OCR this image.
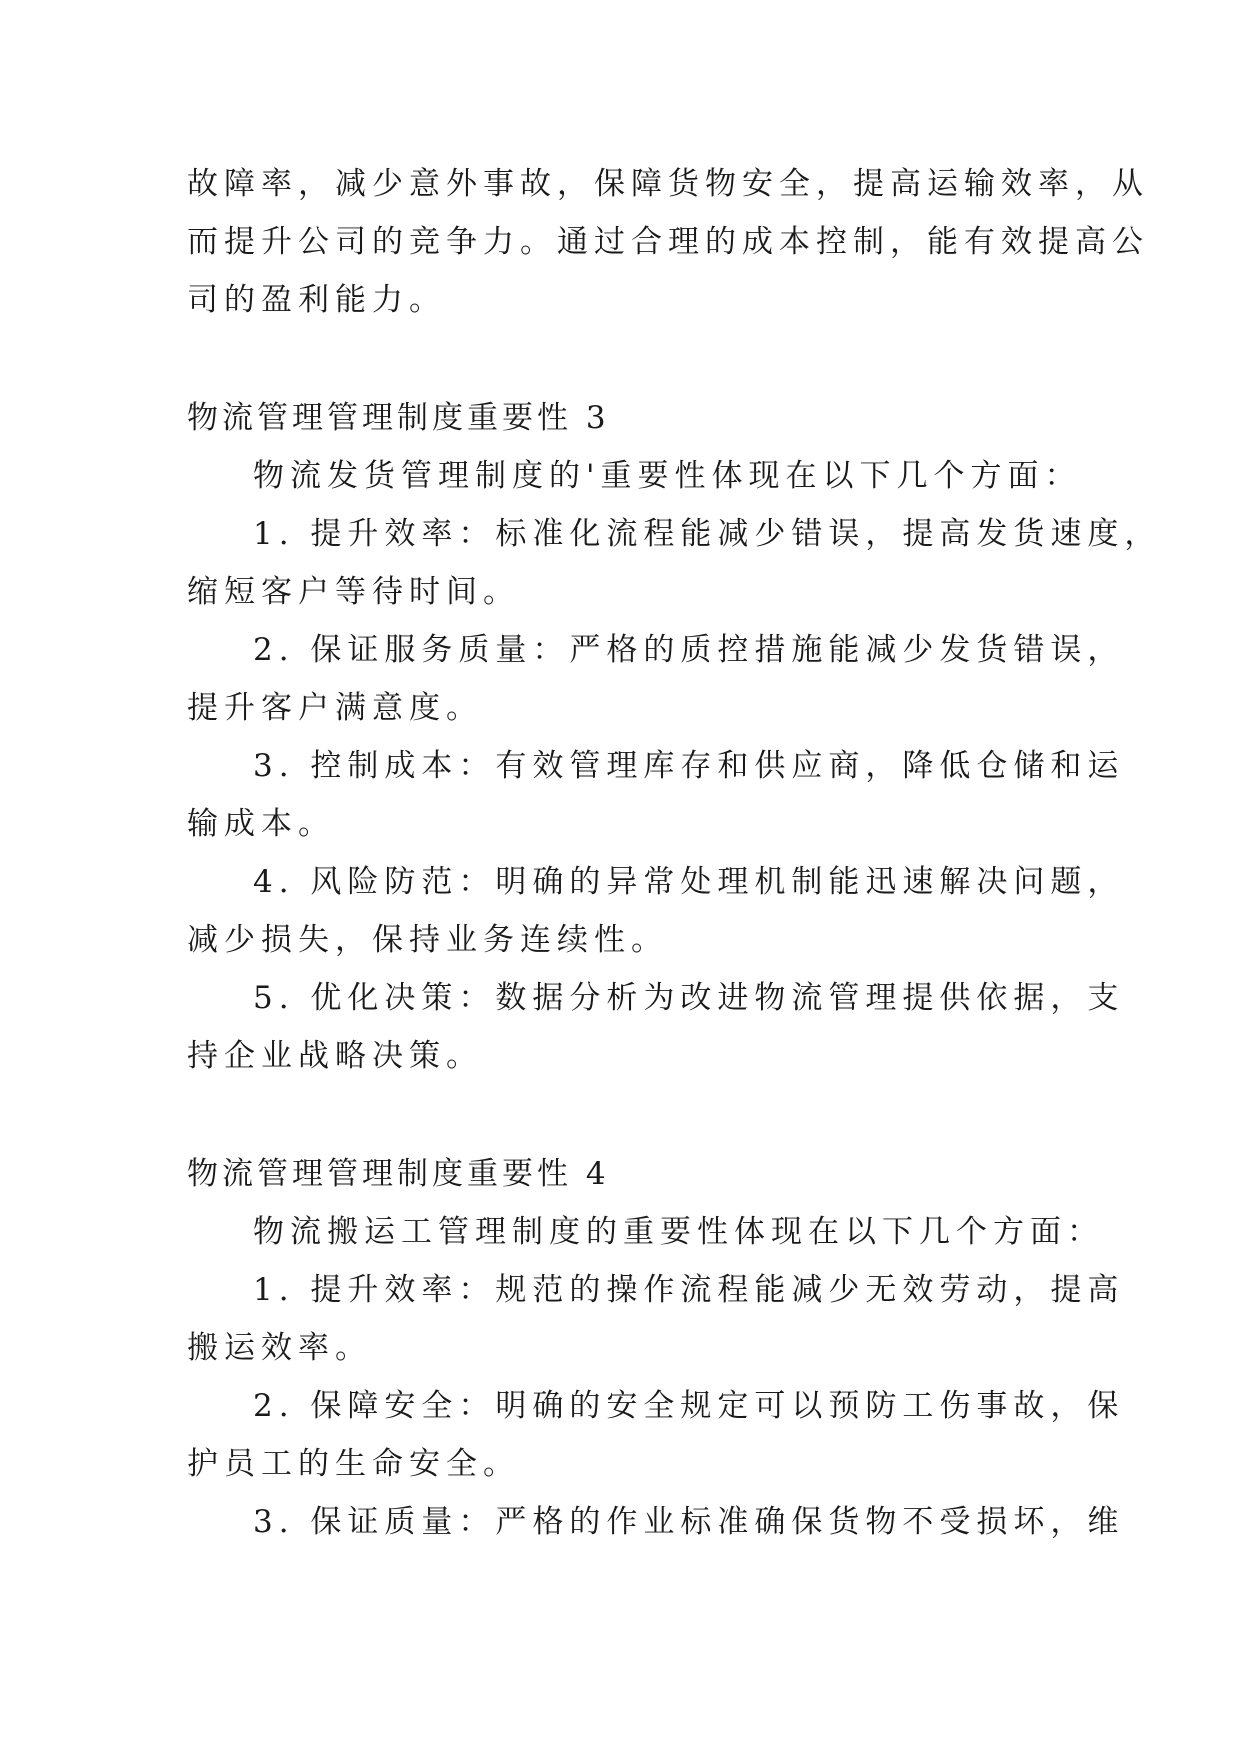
故障率，减少意外事故，保障货物安全，提高运输效率，从
而提升公司的竞争力。通过合理的成本控制，能有效提高公
司的盈利能力。
物流管理管理制度重要性 3
物流发货管理制度的'重要性体现在以下几个方面：
1. 提升效率：标准化流程能减少错误，提高发货速度，
缩短客户等待时间。
2. 保证服务质量：严格的质控措施能减少发货错误，
提升客户满意度。
3. 控制成本：有效管理库存和供应商，降低仓储和运
输成本。
4. 风险防范：明确的异常处理机制能迅速解决问题，
减少损失，保持业务连续性。
5. 优化决策：数据分析为改进物流管理提供依据，支
持企业战略决策。
物流管理管理制度重要性 4
物流搬运工管理制度的重要性体现在以下几个方面：
1. 提升效率：规范的操作流程能减少无效劳动，提高
搬运效率。
2. 保障安全：明确的安全规定可以预防工伤事故，保
护员工的生命安全。
3. 保证质量：严格的作业标准确保货物不受损坏，维
